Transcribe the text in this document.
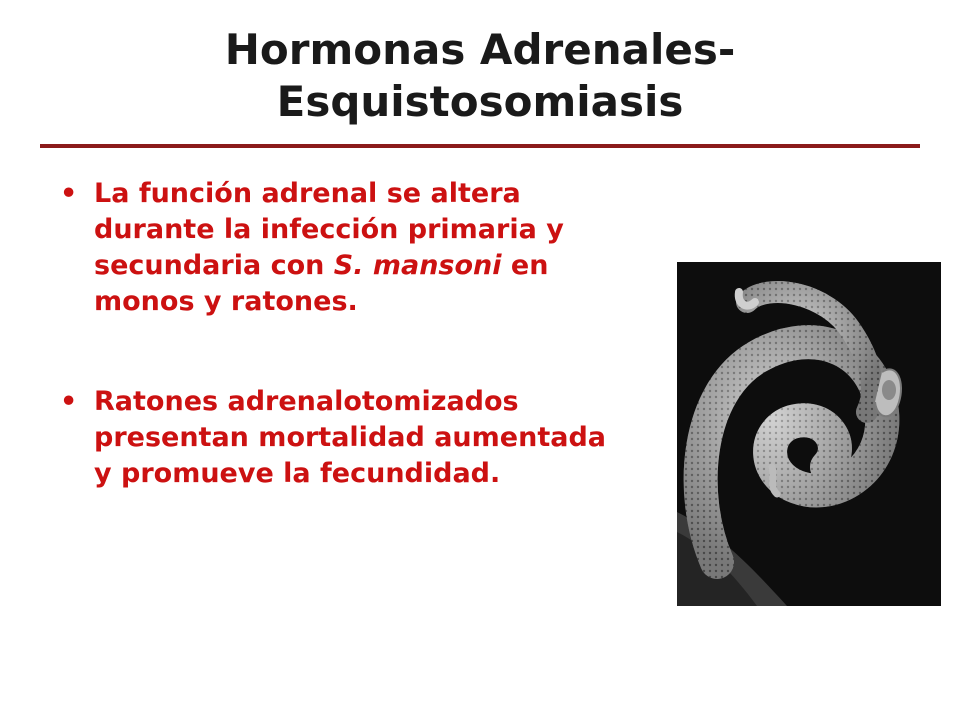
Hormonas Adrenales-
Esquistosomiasis
• La función adrenal se altera durante la infección primaria y secundaria con S. mansoni en monos y ratones.
• Ratones adrenalotomizados presentan mortalidad aumentada y promueve la fecundidad.
